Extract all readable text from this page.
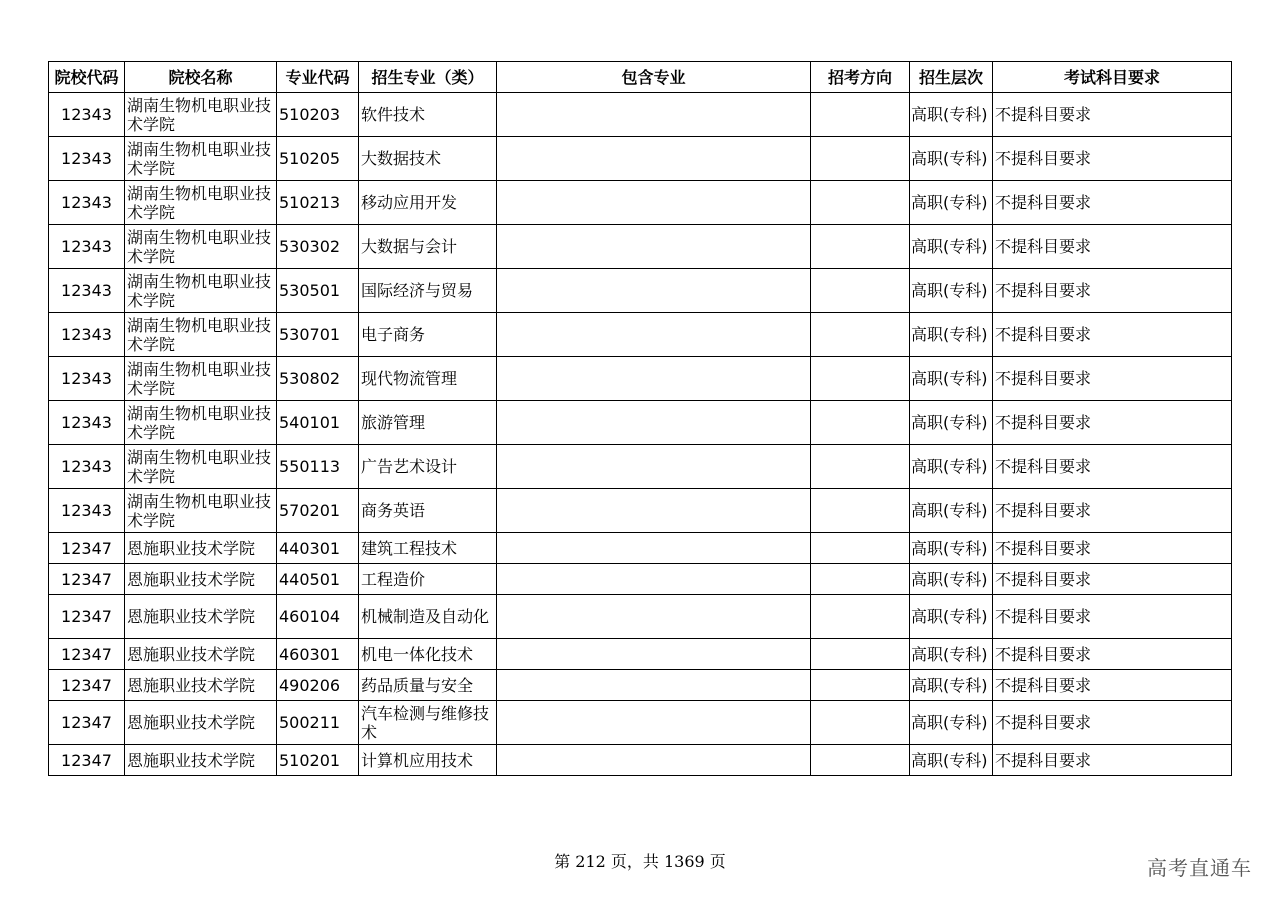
院校代码	院校名称	专业代码	招生专业（类）	包含专业	招考方向	招生层次	考试科目要求
12343	湖南生物机电职业技术学院	510203	软件技术			高职(专科)	不提科目要求
12343	湖南生物机电职业技术学院	510205	大数据技术			高职(专科)	不提科目要求
12343	湖南生物机电职业技术学院	510213	移动应用开发			高职(专科)	不提科目要求
12343	湖南生物机电职业技术学院	530302	大数据与会计			高职(专科)	不提科目要求
12343	湖南生物机电职业技术学院	530501	国际经济与贸易			高职(专科)	不提科目要求
12343	湖南生物机电职业技术学院	530701	电子商务			高职(专科)	不提科目要求
12343	湖南生物机电职业技术学院	530802	现代物流管理			高职(专科)	不提科目要求
12343	湖南生物机电职业技术学院	540101	旅游管理			高职(专科)	不提科目要求
12343	湖南生物机电职业技术学院	550113	广告艺术设计			高职(专科)	不提科目要求
12343	湖南生物机电职业技术学院	570201	商务英语			高职(专科)	不提科目要求
12347	恩施职业技术学院	440301	建筑工程技术			高职(专科)	不提科目要求
12347	恩施职业技术学院	440501	工程造价			高职(专科)	不提科目要求
12347	恩施职业技术学院	460104	机械制造及自动化			高职(专科)	不提科目要求
12347	恩施职业技术学院	460301	机电一体化技术			高职(专科)	不提科目要求
12347	恩施职业技术学院	490206	药品质量与安全			高职(专科)	不提科目要求
12347	恩施职业技术学院	500211	汽车检测与维修技术			高职(专科)	不提科目要求
12347	恩施职业技术学院	510201	计算机应用技术			高职(专科)	不提科目要求
第 212 页，共 1369 页	高考直通车
